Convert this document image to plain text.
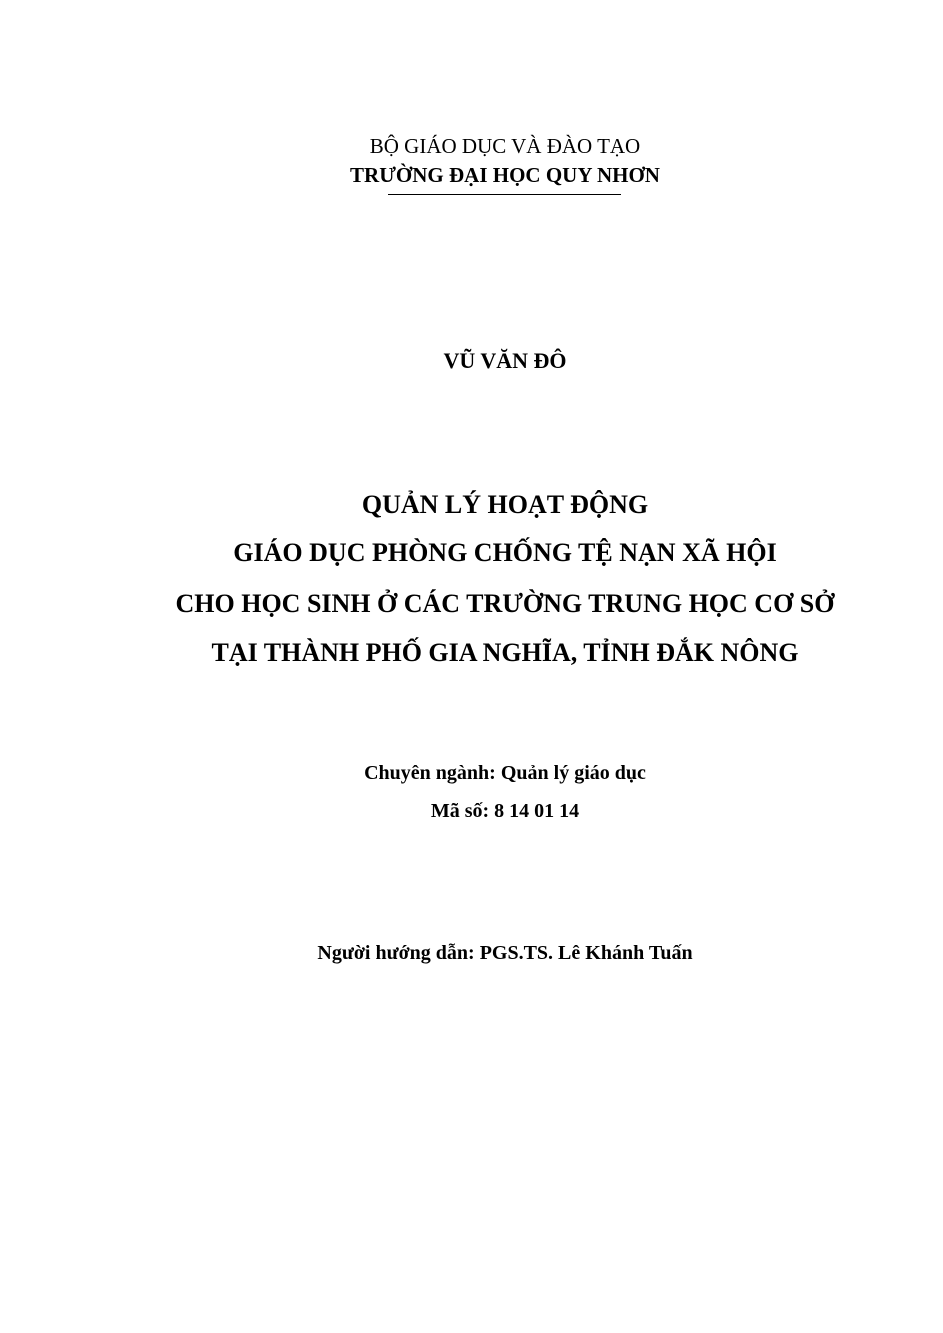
BỘ GIÁO DỤC VÀ ĐÀO TẠO
TRƯỜNG ĐẠI HỌC QUY NHƠN
VŨ VĂN ĐÔ
QUẢN LÝ HOẠT ĐỘNG
GIÁO DỤC PHÒNG CHỐNG TỆ NẠN XÃ HỘI
CHO HỌC SINH Ở CÁC TRƯỜNG TRUNG HỌC CƠ SỞ
TẠI THÀNH PHỐ GIA NGHĨA, TỈNH ĐẮK NÔNG
Chuyên ngành: Quản lý giáo dục
Mã số: 8 14 01 14
Người hướng dẫn: PGS.TS. Lê Khánh Tuấn
